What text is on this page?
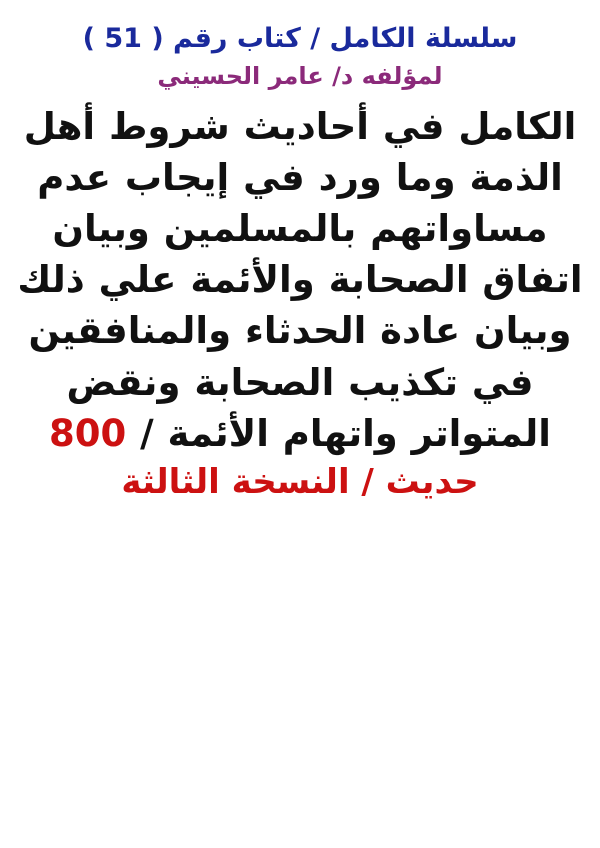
سلسلة الكامل / كتاب رقم ( 51 )

لمؤلفه د/ عامر الحسيني

الكامل في أحاديث شروط أهل الذمة وما ورد في إيجاب عدم مساواتهم بالمسلمين وبيان اتفاق الصحابة والأئمة علي ذلك وبيان عادة الحدثاء والمنافقين في تكذيب الصحابة ونقض المتواتر واتهام الأئمة / 800

حديث / النسخة الثالثة
